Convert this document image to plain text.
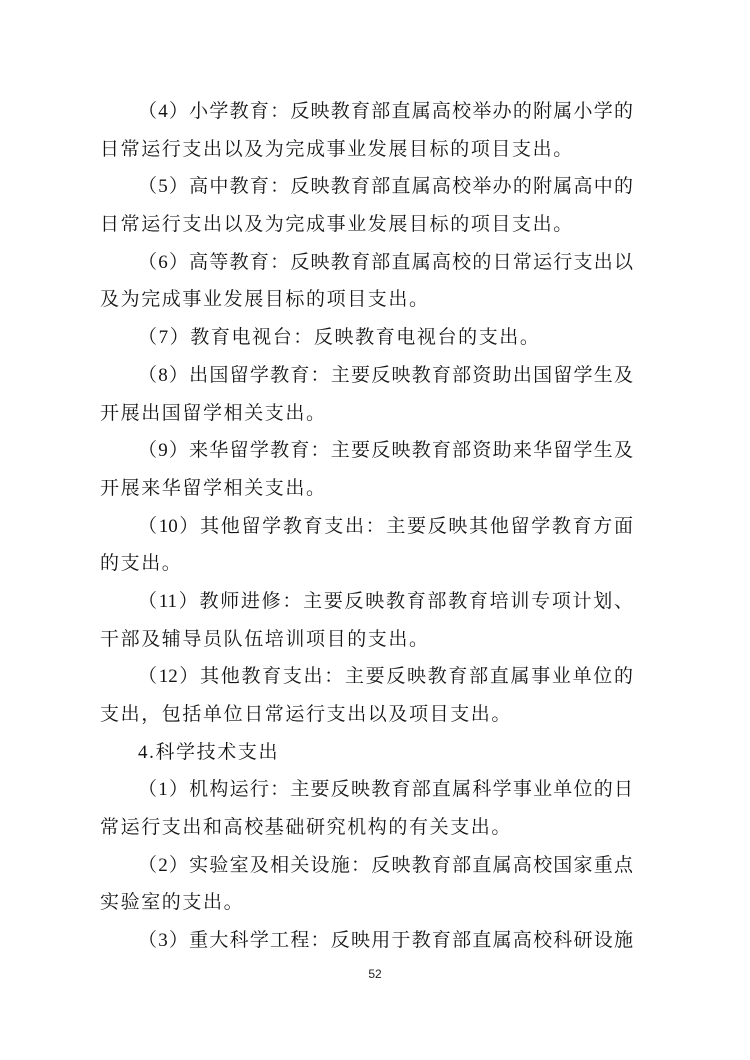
（4）小学教育：反映教育部直属高校举办的附属小学的
日常运行支出以及为完成事业发展目标的项目支出。
（5）高中教育：反映教育部直属高校举办的附属高中的
日常运行支出以及为完成事业发展目标的项目支出。
（6）高等教育：反映教育部直属高校的日常运行支出以
及为完成事业发展目标的项目支出。
（7）教育电视台：反映教育电视台的支出。
（8）出国留学教育：主要反映教育部资助出国留学生及
开展出国留学相关支出。
（9）来华留学教育：主要反映教育部资助来华留学生及
开展来华留学相关支出。
（10）其他留学教育支出：主要反映其他留学教育方面
的支出。
（11）教师进修：主要反映教育部教育培训专项计划、
干部及辅导员队伍培训项目的支出。
（12）其他教育支出：主要反映教育部直属事业单位的
支出，包括单位日常运行支出以及项目支出。
4.科学技术支出
（1）机构运行：主要反映教育部直属科学事业单位的日
常运行支出和高校基础研究机构的有关支出。
（2）实验室及相关设施：反映教育部直属高校国家重点
实验室的支出。
（3）重大科学工程：反映用于教育部直属高校科研设施
52
